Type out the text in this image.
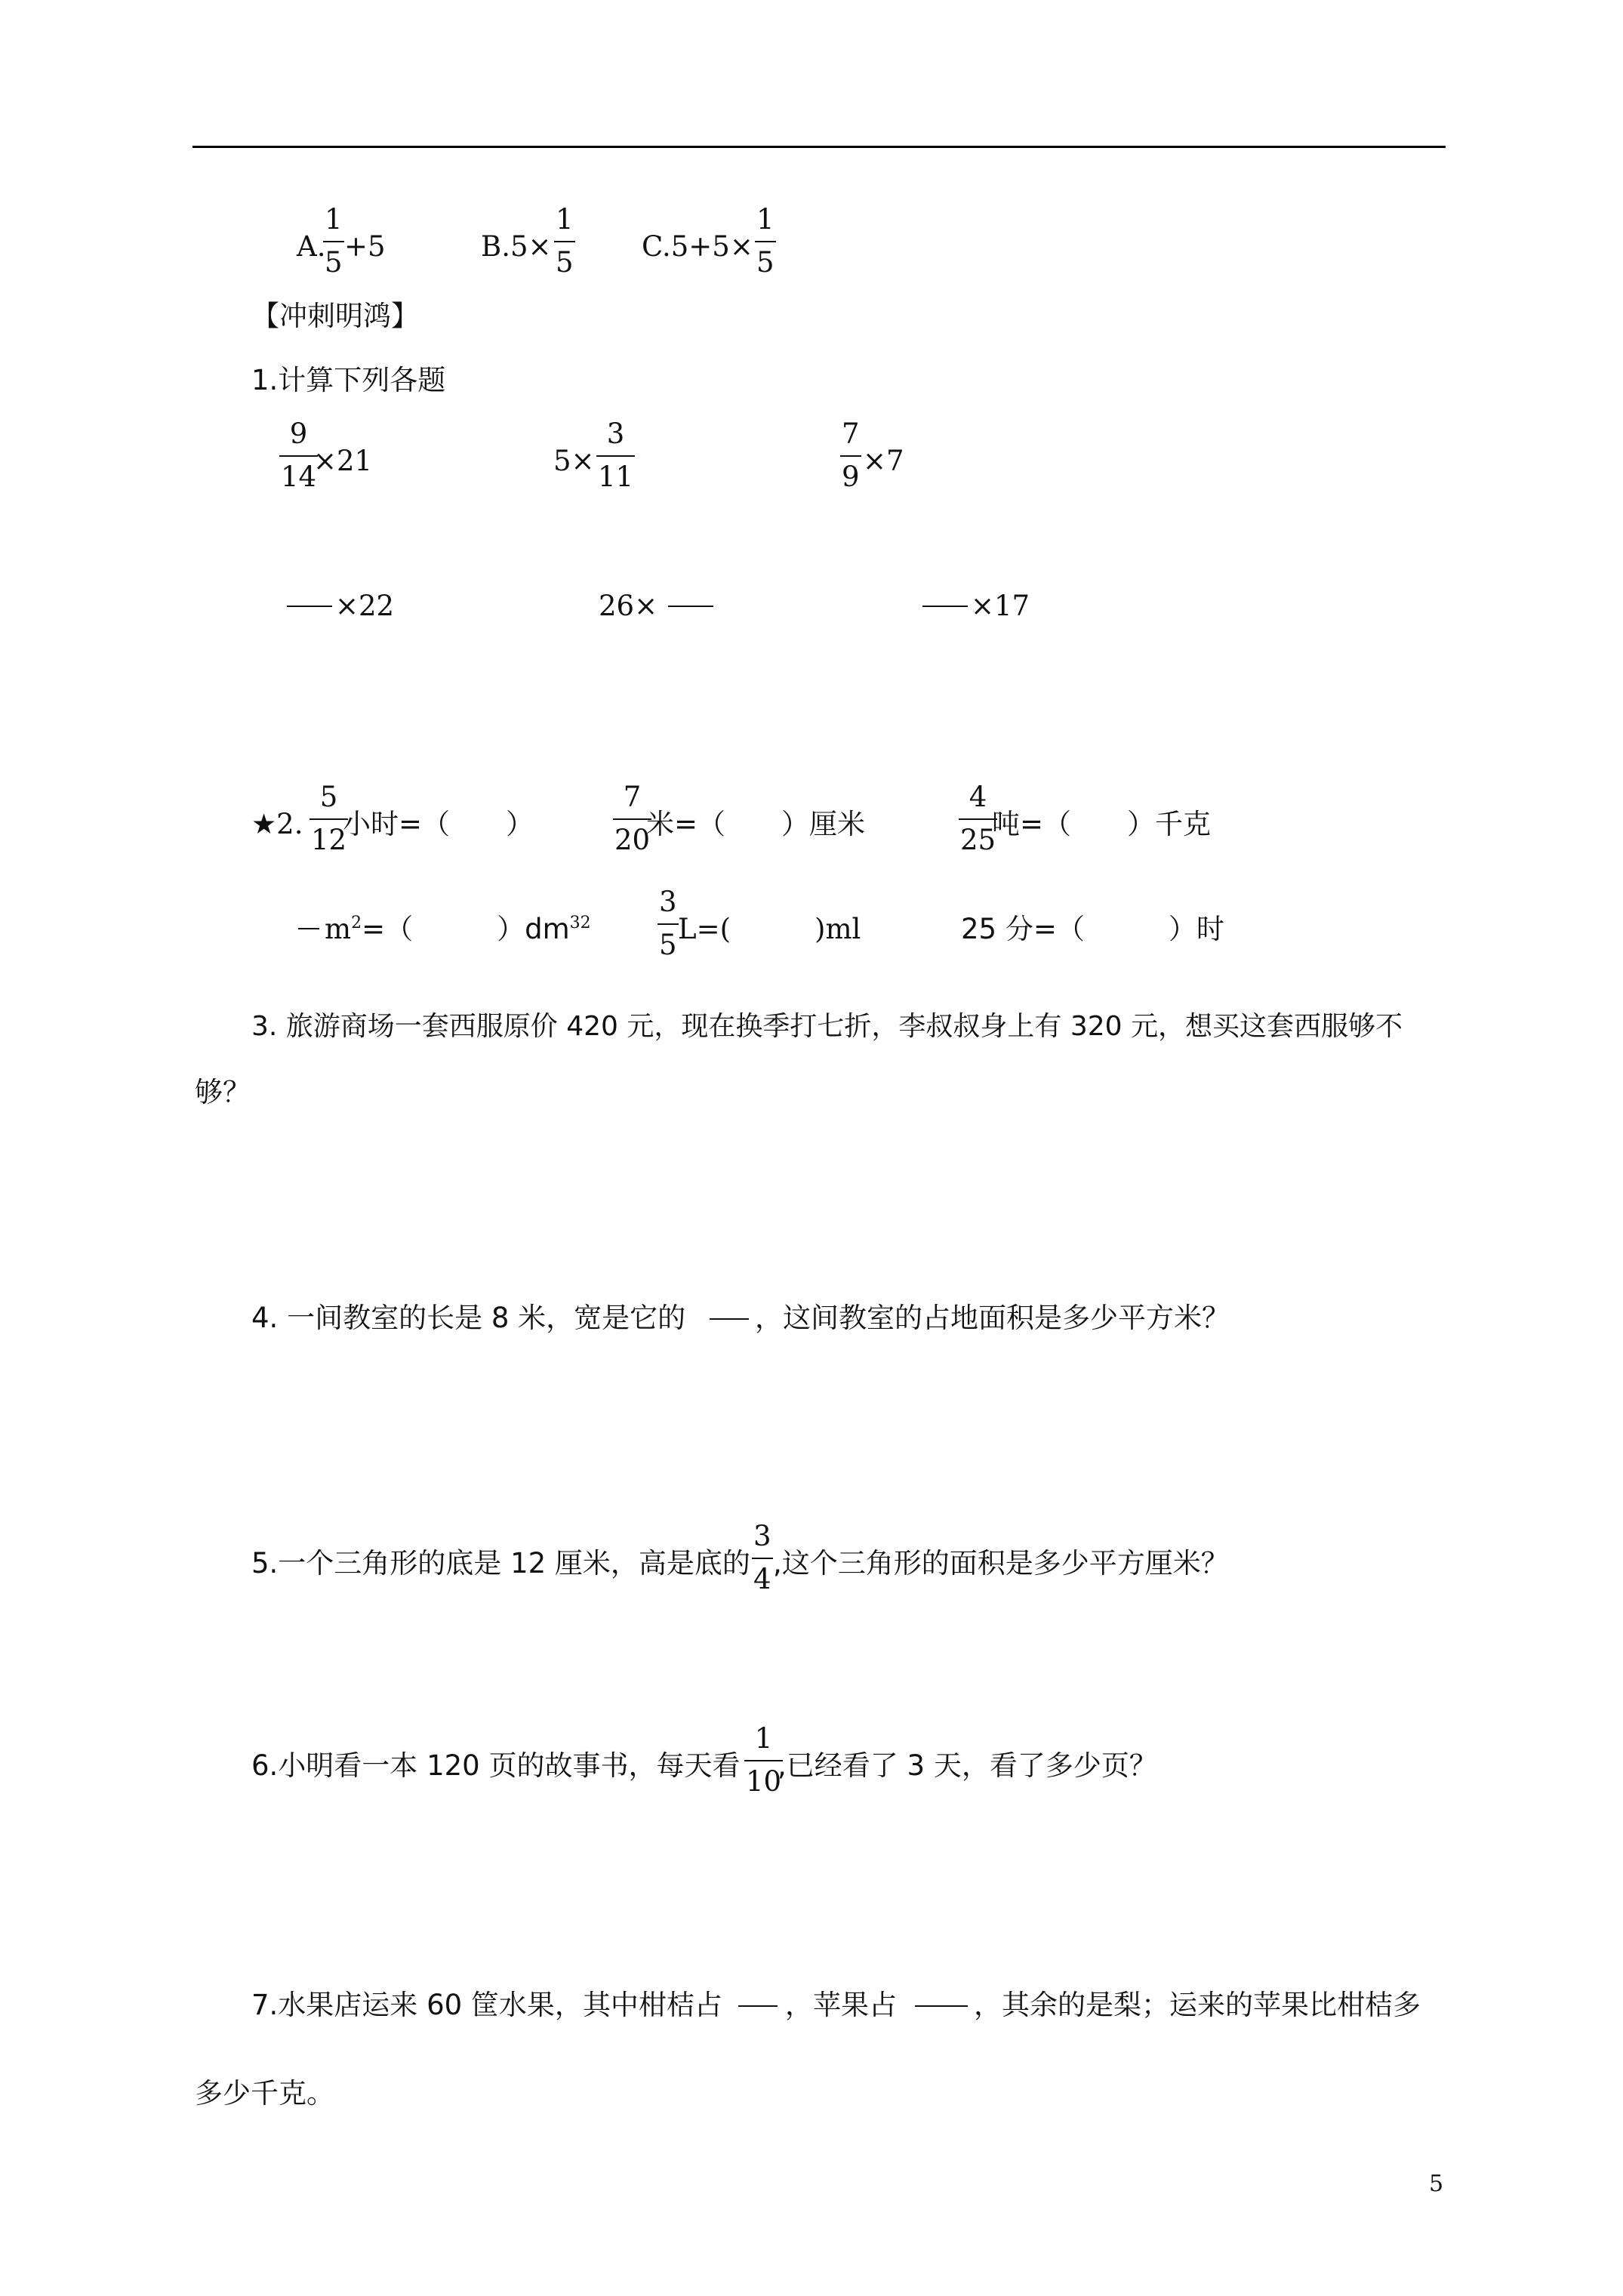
A.
1
5 +5	B.5×
1
5 C.5+5×
1
5
【冲刺明鸿】
1.计算下列各题
9
14
×21	5×
3
11
7
9 ×7
×22	26×	×17
★2.
5
12
小时=（　　）
7
20
米=（　　）厘米
4
25
吨=（　　）千克
$m^2=$（　　　）$dm^{32}$
3
5 L=(　　　)ml	25 分=（　　　）时
3. 旅游商场一套西服原价 420 元，现在换季打七折，李叔叔身上有 320 元，想买这套西服够不
够？
4. 一间教室的长是 8 米，宽是它的 ，这间教室的占地面积是多少平方米？
5.一个三角形的底是 12 厘米，高是底的
3
4 ,这个三角形的面积是多少平方厘米？
6.小明看一本 120 页的故事书，每天看
1
10
,已经看了 3 天，看了多少页？
7.水果店运来 60 筐水果，其中柑桔占 ，苹果占	，其余的是梨；运来的苹果比柑桔多
多少千克。
5
